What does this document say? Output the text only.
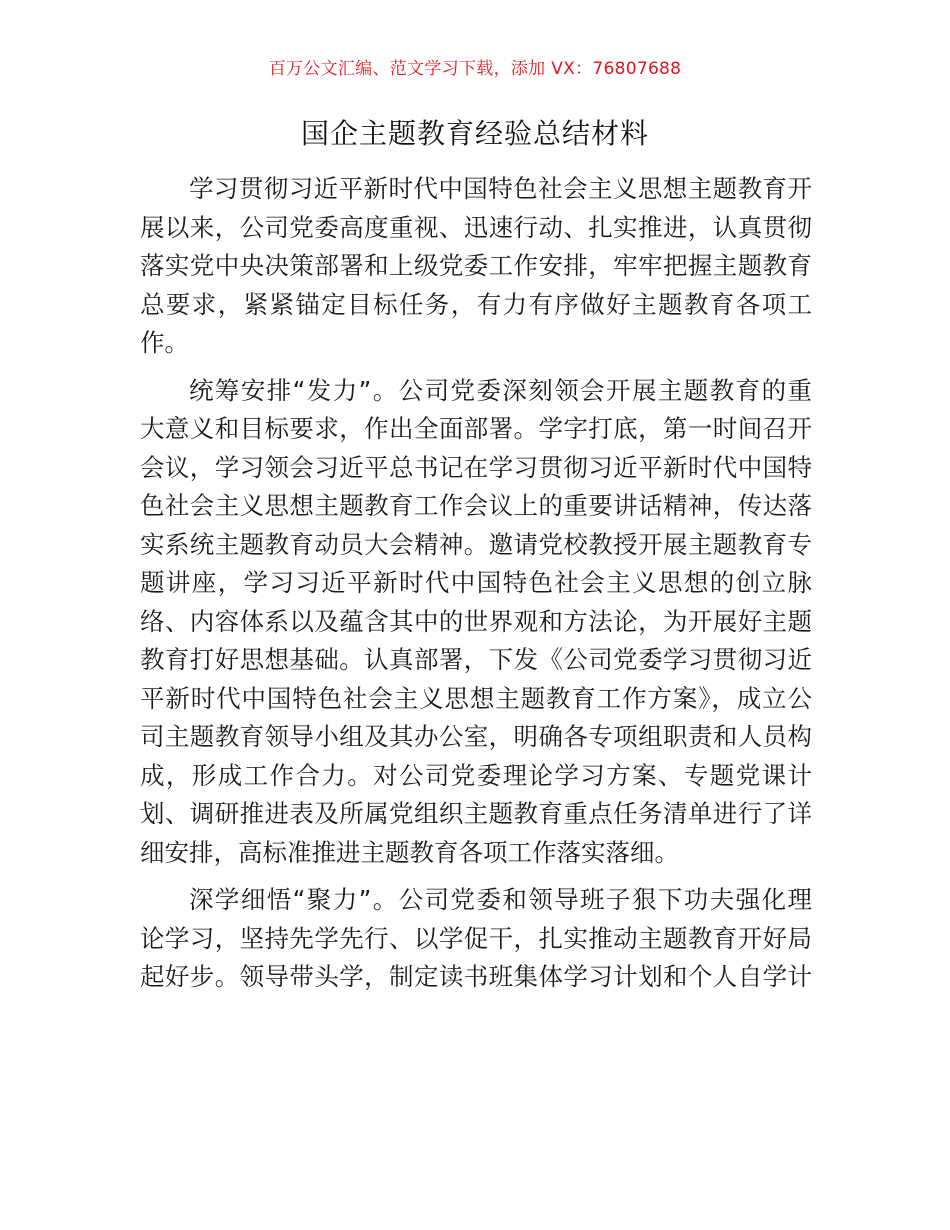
百万公文汇编、范文学习下载，添加 VX：76807688
国企主题教育经验总结材料
学习贯彻习近平新时代中国特色社会主义思想主题教育开
展以来，公司党委高度重视、迅速行动、扎实推进，认真贯彻
落实党中央决策部署和上级党委工作安排，牢牢把握主题教育
总要求，紧紧锚定目标任务，有力有序做好主题教育各项工
作。
统筹安排“发力”。公司党委深刻领会开展主题教育的重
大意义和目标要求，作出全面部署。学字打底，第一时间召开
会议，学习领会习近平总书记在学习贯彻习近平新时代中国特
色社会主义思想主题教育工作会议上的重要讲话精神，传达落
实系统主题教育动员大会精神。邀请党校教授开展主题教育专
题讲座，学习习近平新时代中国特色社会主义思想的创立脉
络、内容体系以及蕴含其中的世界观和方法论，为开展好主题
教育打好思想基础。认真部署，下发《公司党委学习贯彻习近
平新时代中国特色社会主义思想主题教育工作方案》，成立公
司主题教育领导小组及其办公室，明确各专项组职责和人员构
成，形成工作合力。对公司党委理论学习方案、专题党课计
划、调研推进表及所属党组织主题教育重点任务清单进行了详
细安排，高标准推进主题教育各项工作落实落细。
深学细悟“聚力”。公司党委和领导班子狠下功夫强化理
论学习，坚持先学先行、以学促干，扎实推动主题教育开好局
起好步。领导带头学，制定读书班集体学习计划和个人自学计
